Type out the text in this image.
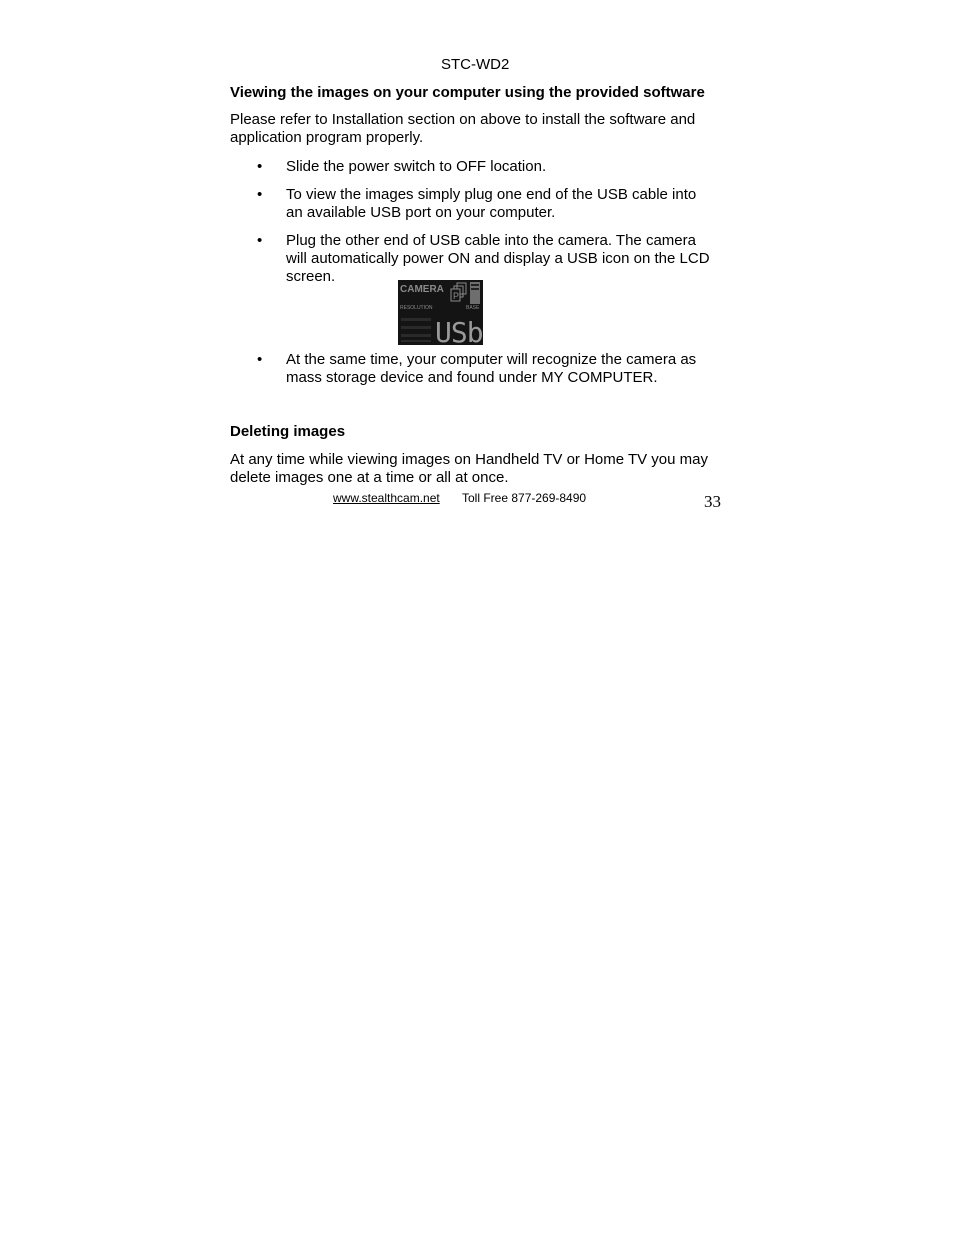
STC-WD2
Viewing the images on your computer using the provided software
Please refer to Installation section on above to install the software and application program properly.
• Slide the power switch to OFF location.
• To view the images simply plug one end of the USB cable into an available USB port on your computer.
• Plug the other end of USB cable into the camera. The camera will automatically power ON and display a USB icon on the LCD screen.
• At the same time, your computer will recognize the camera as mass storage device and found under MY COMPUTER.
CAMERA
P
RESOLUTION	BASE
USb
Deleting images
At any time while viewing images on Handheld TV or Home TV you may delete images one at a time or all at once.
www.stealthcam.net Toll Free 877-269-8490	33
